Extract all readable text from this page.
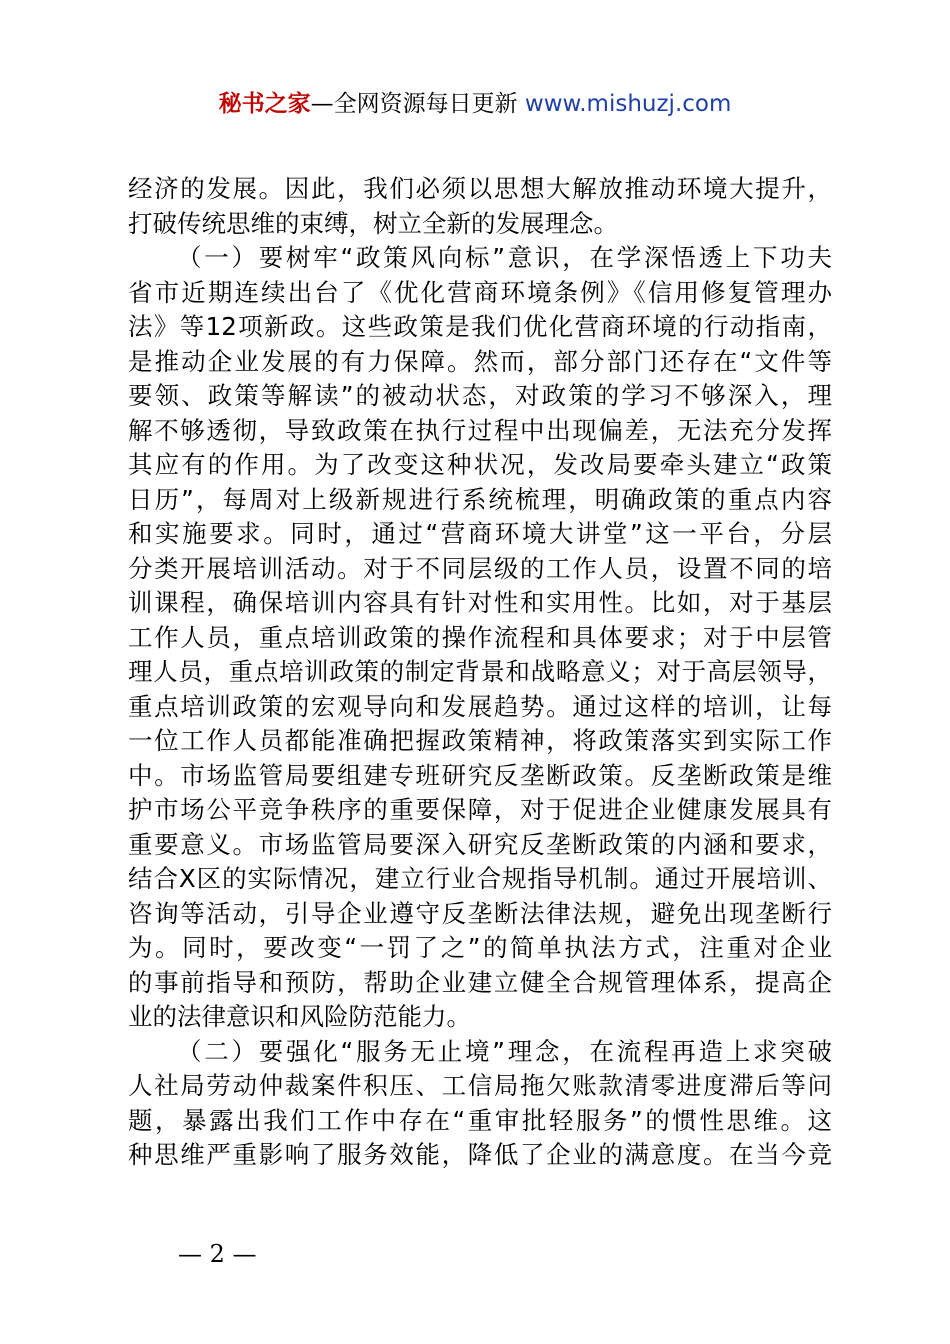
秘书之家—全网资源每日更新 www.mishuzj.com
经济的发展。因此，我们必须以思想大解放推动环境大提升，
打破传统思维的束缚，树立全新的发展理念。
（一）要树牢“政策风向标”意识，在学深悟透上下功夫
省市近期连续出台了《优化营商环境条例》《信用修复管理办
法》等12项新政。这些政策是我们优化营商环境的行动指南，
是推动企业发展的有力保障。然而，部分部门还存在“文件等
要领、政策等解读”的被动状态，对政策的学习不够深入，理
解不够透彻，导致政策在执行过程中出现偏差，无法充分发挥
其应有的作用。为了改变这种状况，发改局要牵头建立“政策
日历”，每周对上级新规进行系统梳理，明确政策的重点内容
和实施要求。同时，通过“营商环境大讲堂”这一平台，分层
分类开展培训活动。对于不同层级的工作人员，设置不同的培
训课程，确保培训内容具有针对性和实用性。比如，对于基层
工作人员，重点培训政策的操作流程和具体要求；对于中层管
理人员，重点培训政策的制定背景和战略意义；对于高层领导，
重点培训政策的宏观导向和发展趋势。通过这样的培训，让每
一位工作人员都能准确把握政策精神，将政策落实到实际工作
中。市场监管局要组建专班研究反垄断政策。反垄断政策是维
护市场公平竞争秩序的重要保障，对于促进企业健康发展具有
重要意义。市场监管局要深入研究反垄断政策的内涵和要求，
结合X区的实际情况，建立行业合规指导机制。通过开展培训、
咨询等活动，引导企业遵守反垄断法律法规，避免出现垄断行
为。同时，要改变“一罚了之”的简单执法方式，注重对企业
的事前指导和预防，帮助企业建立健全合规管理体系，提高企
业的法律意识和风险防范能力。
（二）要强化“服务无止境”理念，在流程再造上求突破
人社局劳动仲裁案件积压、工信局拖欠账款清零进度滞后等问
题，暴露出我们工作中存在“重审批轻服务”的惯性思维。这
种思维严重影响了服务效能，降低了企业的满意度。在当今竞
— 2 —
